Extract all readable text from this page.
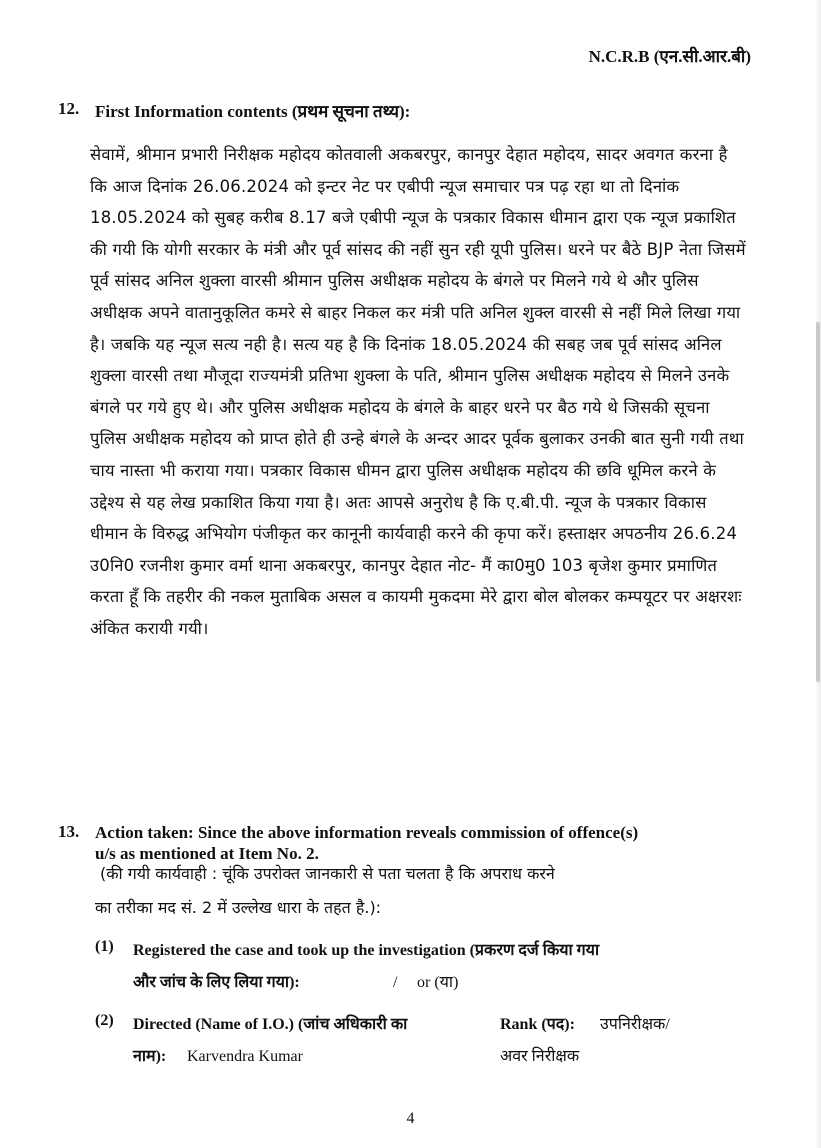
N.C.R.B (एन.सी.आर.बी)
12. First Information contents (प्रथम सूचना तथ्य):

सेवामें, श्रीमान प्रभारी निरीक्षक महोदय कोतवाली अकबरपुर, कानपुर देहात महोदय, सादर अवगत करना है कि आज दिनांक 26.06.2024 को इन्टर नेट पर एबीपी न्यूज समाचार पत्र पढ़ रहा था तो दिनांक 18.05.2024 को सुबह करीब 8.17 बजे एबीपी न्यूज के पत्रकार विकास धीमान द्वारा एक न्यूज प्रकाशित की गयी कि योगी सरकार के मंत्री और पूर्व सांसद की नहीं सुन रही यूपी पुलिस। धरने पर बैठे BJP नेता जिसमें पूर्व सांसद अनिल शुक्ला वारसी श्रीमान पुलिस अधीक्षक महोदय के बंगले पर मिलने गये थे और पुलिस अधीक्षक अपने वातानुकूलित कमरे से बाहर निकल कर मंत्री पति अनिल शुक्ल वारसी से नहीं मिले लिखा गया है। जबकि यह न्यूज सत्य नही है। सत्य यह है कि दिनांक 18.05.2024 की सबह जब पूर्व सांसद अनिल शुक्ला वारसी तथा मौजूदा राज्यमंत्री प्रतिभा शुक्ला के पति, श्रीमान पुलिस अधीक्षक महोदय से मिलने उनके बंगले पर गये हुए थे। और पुलिस अधीक्षक महोदय के बंगले के बाहर धरने पर बैठ गये थे जिसकी सूचना पुलिस अधीक्षक महोदय को प्राप्त होते ही उन्हे बंगले के अन्दर आदर पूर्वक बुलाकर उनकी बात सुनी गयी तथा चाय नास्ता भी कराया गया। पत्रकार विकास धीमन द्वारा पुलिस अधीक्षक महोदय की छवि धूमिल करने के उद्देश्य से यह लेख प्रकाशित किया गया है। अतः आपसे अनुरोध है कि ए.बी.पी. न्यूज के पत्रकार विकास धीमान के विरुद्ध अभियोग पंजीकृत कर कानूनी कार्यवाही करने की कृपा करें। हस्ताक्षर अपठनीय 26.6.24 उ0नि0 रजनीश कुमार वर्मा थाना अकबरपुर, कानपुर देहात नोट- मैं का0मु0 103 बृजेश कुमार प्रमाणित करता हूँ कि तहरीर की नकल मुताबिक असल व कायमी मुकदमा मेरे द्वारा बोल बोलकर कम्पयूटर पर अक्षरशः अंकित करायी गयी।

13. Action taken: Since the above information reveals commission of offence(s)
u/s as mentioned at Item No. 2.
(की गयी कार्यवाही : चूंकि उपरोक्त जानकारी से पता चलता है कि अपराध करने
का तरीका मद सं. 2 में उल्लेख धारा के तहत है.):
(1) Registered the case and took up the investigation (प्रकरण दर्ज किया गया
और जांच के लिए लिया गया):	/ or (या)
(2) Directed (Name of I.O.) (जांच अधिकारी का
नाम): Karvendra Kumar
Rank (पद): उपनिरीक्षक/
अवर निरीक्षक
4
